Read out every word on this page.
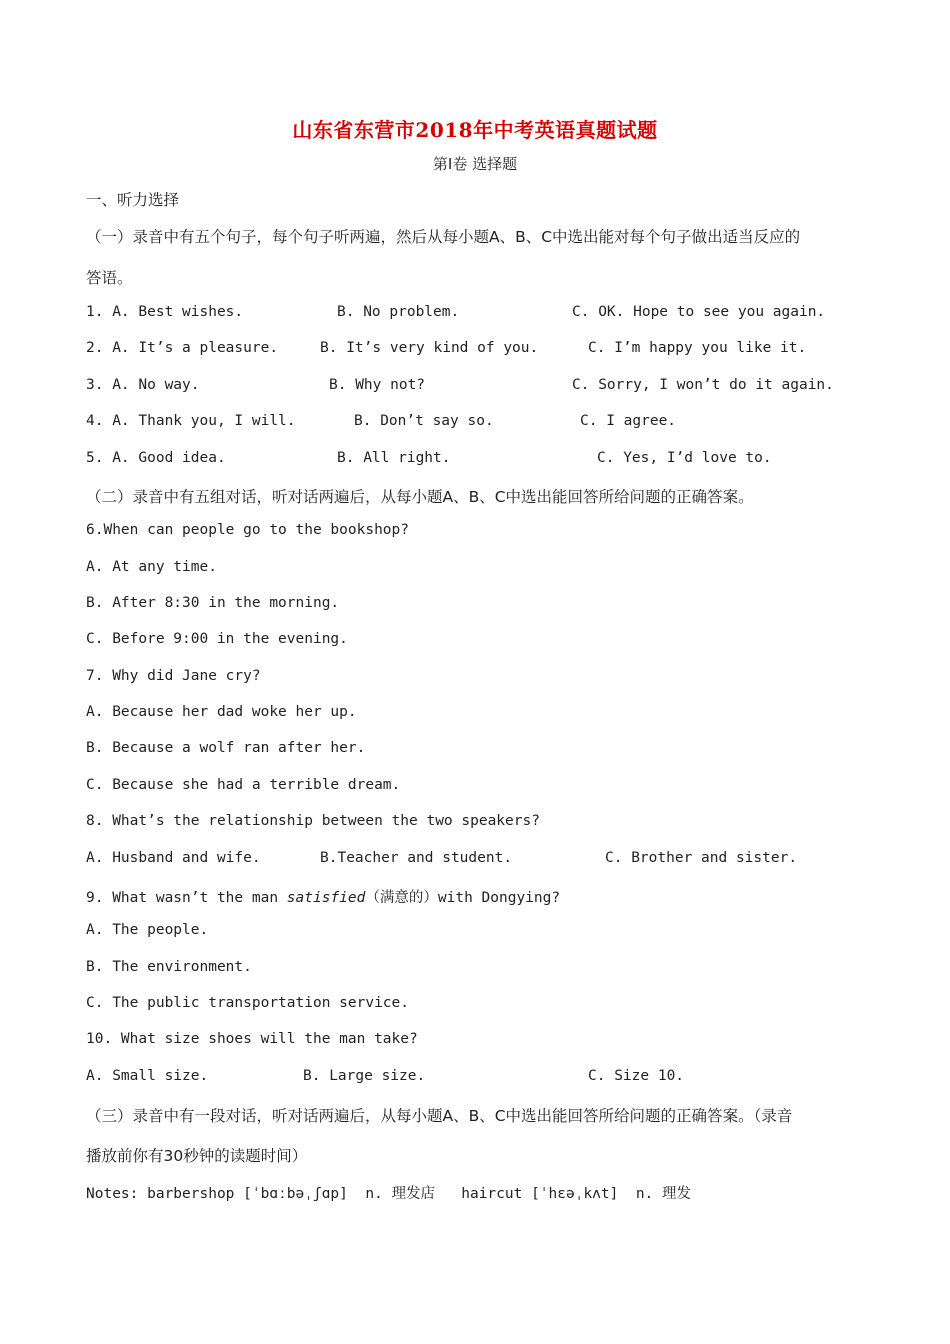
山东省东营市2018年中考英语真题试题
第Ⅰ卷 选择题
一、听力选择
（一）录音中有五个句子，每个句子听两遍，然后从每小题A、B、C中选出能对每个句子做出适当反应的
答语。
1. A. Best wishes.	B. No problem.	C. OK. Hope to see you again.
2. A. It’s a pleasure.	B. It’s very kind of you.	C. I’m happy you like it.
3. A. No way.	B. Why not?	C. Sorry, I won’t do it again.
4. A. Thank you, I will.	B. Don’t say so.	C. I agree.
5. A. Good idea.	B. All right.	C. Yes, I’d love to.
（二）录音中有五组对话，听对话两遍后，从每小题A、B、C中选出能回答所给问题的正确答案。
6.When can people go to the bookshop?
A. At any time.
B. After 8:30 in the morning.
C. Before 9:00 in the evening.
7. Why did Jane cry?
A. Because her dad woke her up.
B. Because a wolf ran after her.
C. Because she had a terrible dream.
8. What’s the relationship between the two speakers?
A. Husband and wife.	B.Teacher and student.	C. Brother and sister.
9. What wasn’t the man satisfied（满意的）with Dongying?
A. The people.
B. The environment.
C. The public transportation service.
10. What size shoes will the man take?
A. Small size.	B. Large size.	C. Size 10.
（三）录音中有一段对话，听对话两遍后，从每小题A、B、C中选出能回答所给问题的正确答案。（录音
播放前你有30秒钟的读题时间）
Notes: barbershop [ˈbɑːbəˌʃɑp]  n. 理发店   haircut [ˈhɛəˌkʌt]  n. 理发
